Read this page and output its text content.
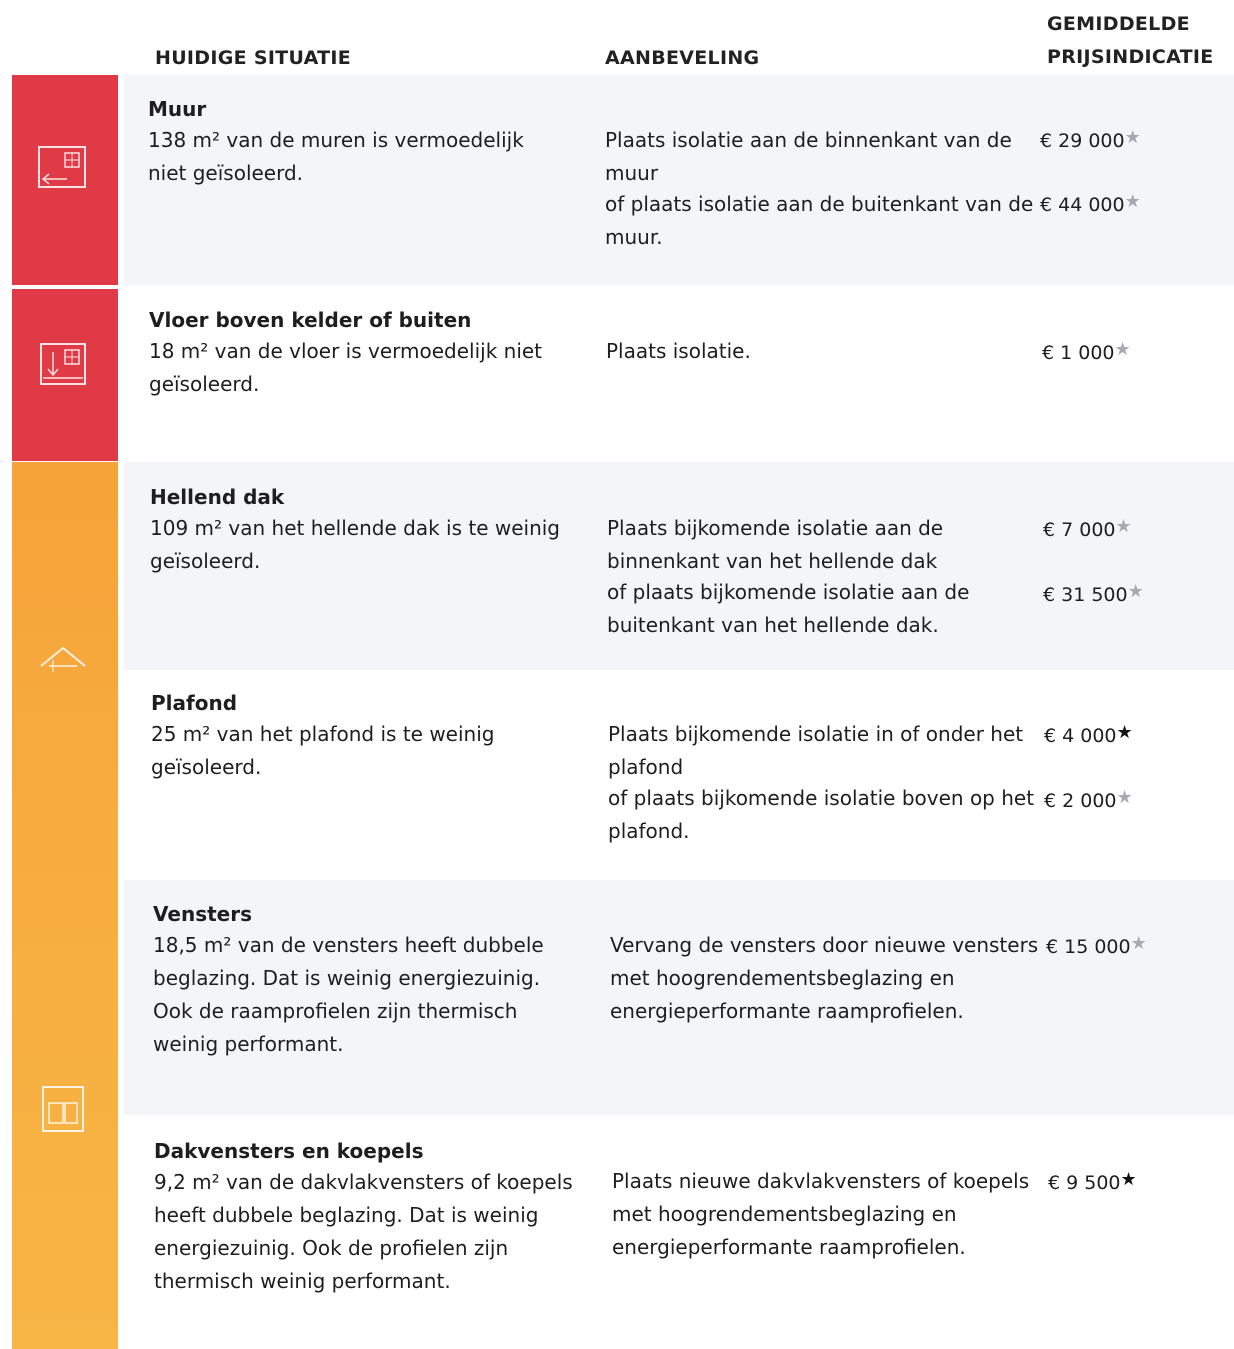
HUIDIGE SITUATIE	AANBEVELING
GEMIDDELDE
PRIJSINDICATIE
Muur
138 m² van de muren is vermoedelijk niet geïsoleerd.
Plaats isolatie aan de binnenkant van de muur
€ 29 000★
of plaats isolatie aan de buitenkant van de muur.
€ 44 000★
Vloer boven kelder of buiten
18 m² van de vloer is vermoedelijk niet geïsoleerd.
Plaats isolatie.	€ 1 000★
Hellend dak
109 m² van het hellende dak is te weinig geïsoleerd.
Plaats bijkomende isolatie aan de binnenkant van het hellende dak
€ 7 000★
of plaats bijkomende isolatie aan de buitenkant van het hellende dak.
€ 31 500★
Plafond
25 m² van het plafond is te weinig geïsoleerd.
Plaats bijkomende isolatie in of onder het plafond
€ 4 000★
of plaats bijkomende isolatie boven op het plafond.
€ 2 000★
Vensters
18,5 m² van de vensters heeft dubbele beglazing. Dat is weinig energiezuinig. Ook de raamprofielen zijn thermisch weinig performant.
Vervang de vensters door nieuwe vensters met hoogrendementsbeglazing en energieperformante raamprofielen.
€ 15 000★
Dakvensters en koepels
9,2 m² van de dakvlakvensters of koepels heeft dubbele beglazing. Dat is weinig energiezuinig. Ook de profielen zijn thermisch weinig performant.
Plaats nieuwe dakvlakvensters of koepels met hoogrendementsbeglazing en energieperformante raamprofielen.
€ 9 500★
